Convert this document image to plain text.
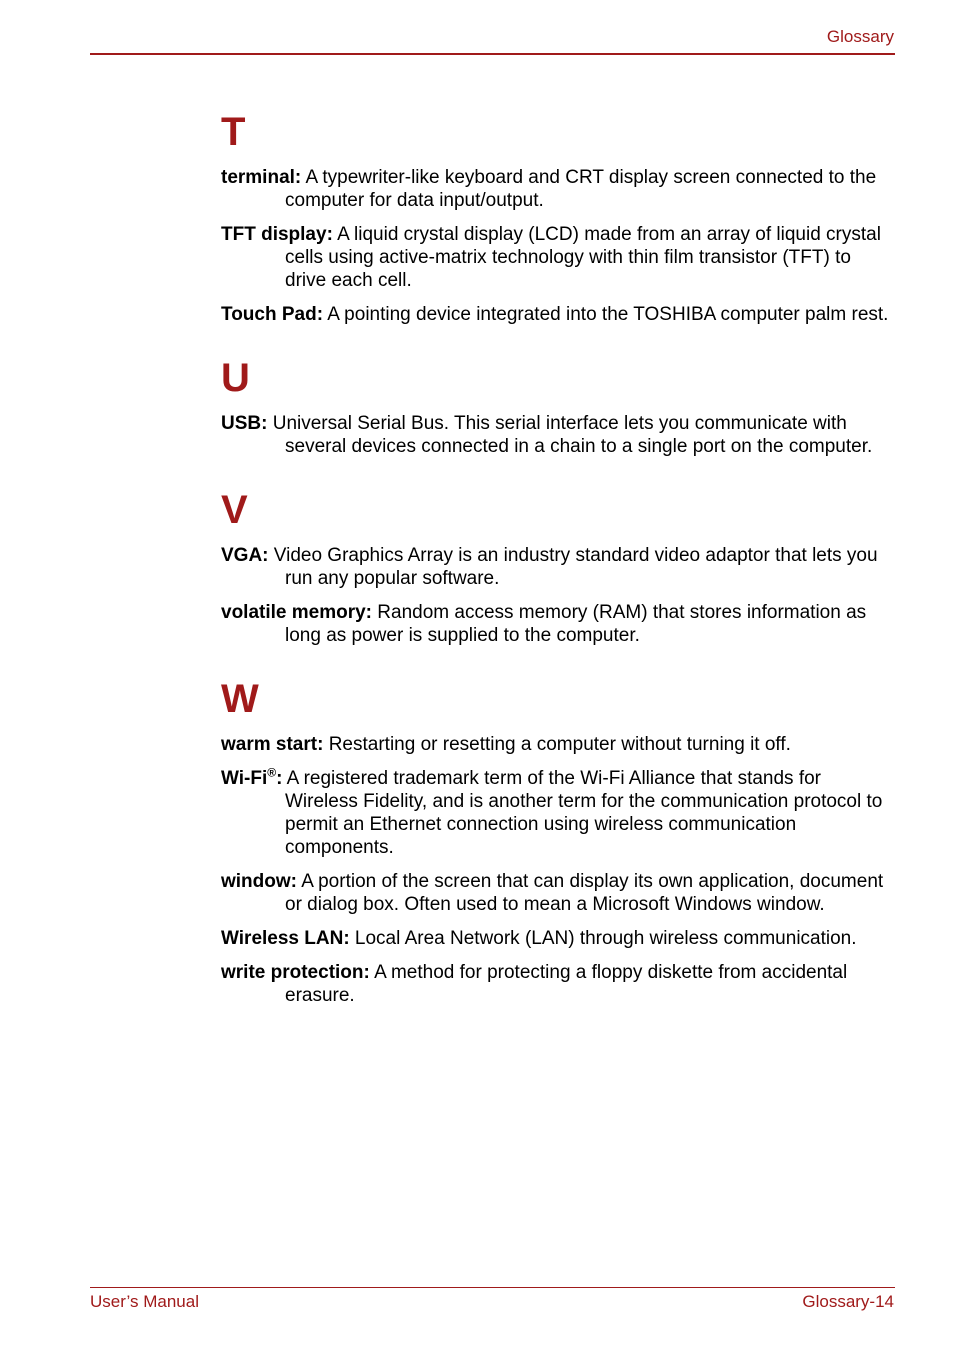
Glossary
T
terminal: A typewriter-like keyboard and CRT display screen connected to the computer for data input/output.
TFT display: A liquid crystal display (LCD) made from an array of liquid crystal cells using active-matrix technology with thin film transistor (TFT) to drive each cell.
Touch Pad: A pointing device integrated into the TOSHIBA computer palm rest.
U
USB: Universal Serial Bus. This serial interface lets you communicate with several devices connected in a chain to a single port on the computer.
V
VGA: Video Graphics Array is an industry standard video adaptor that lets you run any popular software.
volatile memory: Random access memory (RAM) that stores information as long as power is supplied to the computer.
W
warm start: Restarting or resetting a computer without turning it off.
Wi-Fi®: A registered trademark term of the Wi-Fi Alliance that stands for Wireless Fidelity, and is another term for the communication protocol to permit an Ethernet connection using wireless communication components.
window: A portion of the screen that can display its own application, document or dialog box. Often used to mean a Microsoft Windows window.
Wireless LAN: Local Area Network (LAN) through wireless communication.
write protection: A method for protecting a floppy diskette from accidental erasure.
User’s Manual	Glossary-14
